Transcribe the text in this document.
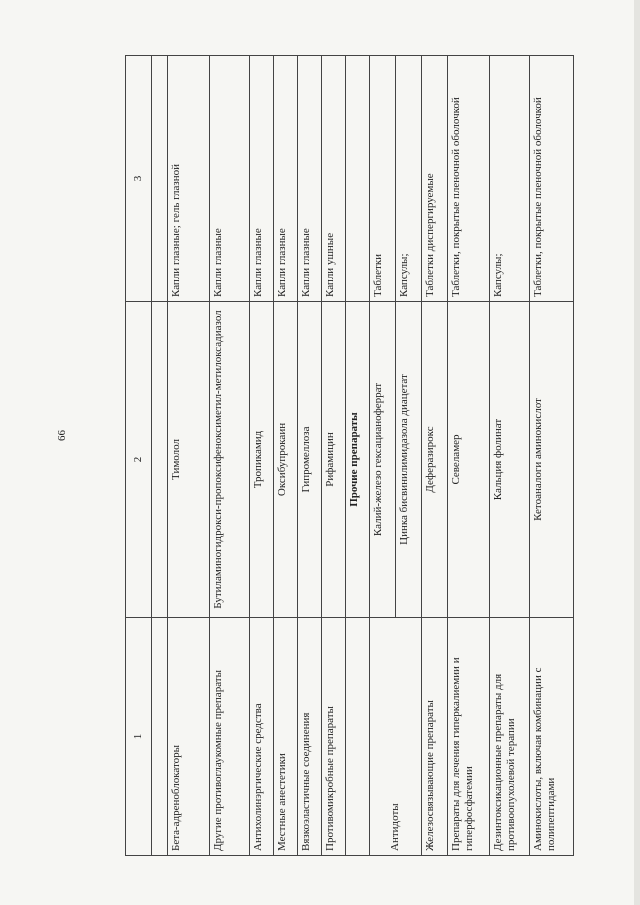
66
1	2	3

Бета-адреноблокаторы	Тимолол	Капли глазные; гель глазной
Другие противоглаукомные препараты	Бутиламиногидрокси-пропоксифеноксиметил-метилоксадиазол	Капли глазные
Антихолинэргические средства	Тропикамид	Капли глазные
Местные анестетики	Оксибупрокаин	Капли глазные
Вязкоэластичные соединения	Гипромеллоза	Капли глазные
Противомикробные препараты	Рифамицин	Капли ушные
	Прочие препараты	
Антидоты	Калий-железо гексацианоферрат	Таблетки
	Цинка бисвинилимидазола диацетат	Капсулы;
Железосвязывающие препараты	Деферазирокс	Таблетки диспергируемые
Препараты для лечения гиперкалиемии и гиперфосфатемии	Севеламер	Таблетки, покрытые пленочной оболочкой
Дезинтоксикационные препараты для противоопухолевой терапии	Кальция фолинат	Капсулы;
Аминокислоты, включая комбинации с полипептидами	Кетоаналоги аминокислот	Таблетки, покрытые пленочной оболочкой
